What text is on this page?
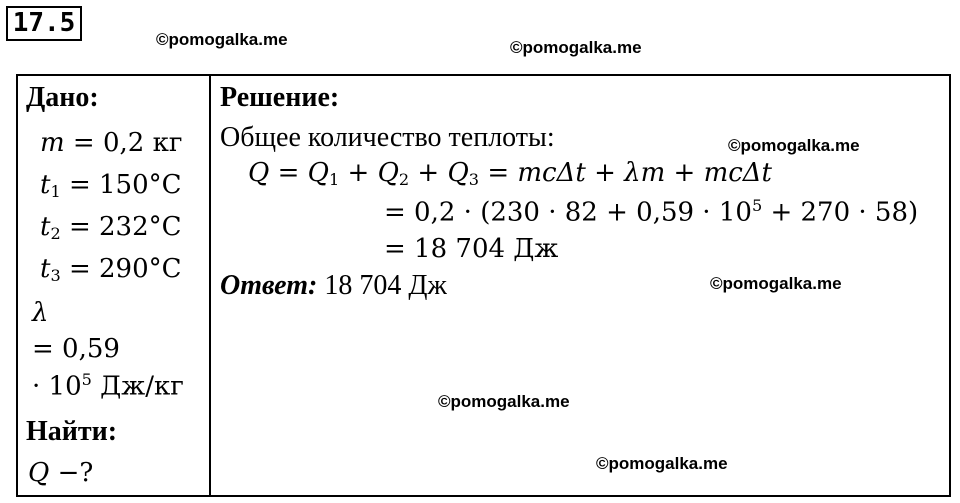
17.5
©pomogalka.me	©pomogalka.me
Дано:
m = 0,2 кг
$t_1 = 150^\circ C$
$t_2 = 232^\circ C$
$t_3 = 290^\circ C$
λ
= 0,59
· $10^5$ Дж/кг
Найти:
Q −?
Решение:
Общее количество теплоты:
$Q = Q_1 + Q_2 + Q_3 = mc\Delta t + \lambda m + mc\Delta t$
= $0,2 \cdot (230 \cdot 82 + 0,59 \cdot 10^5 + 270 \cdot 58)$
= 18 704 Дж
Ответ: 18 704 Дж
©pomogalka.me
©pomogalka.me
©pomogalka.me
©pomogalka.me
